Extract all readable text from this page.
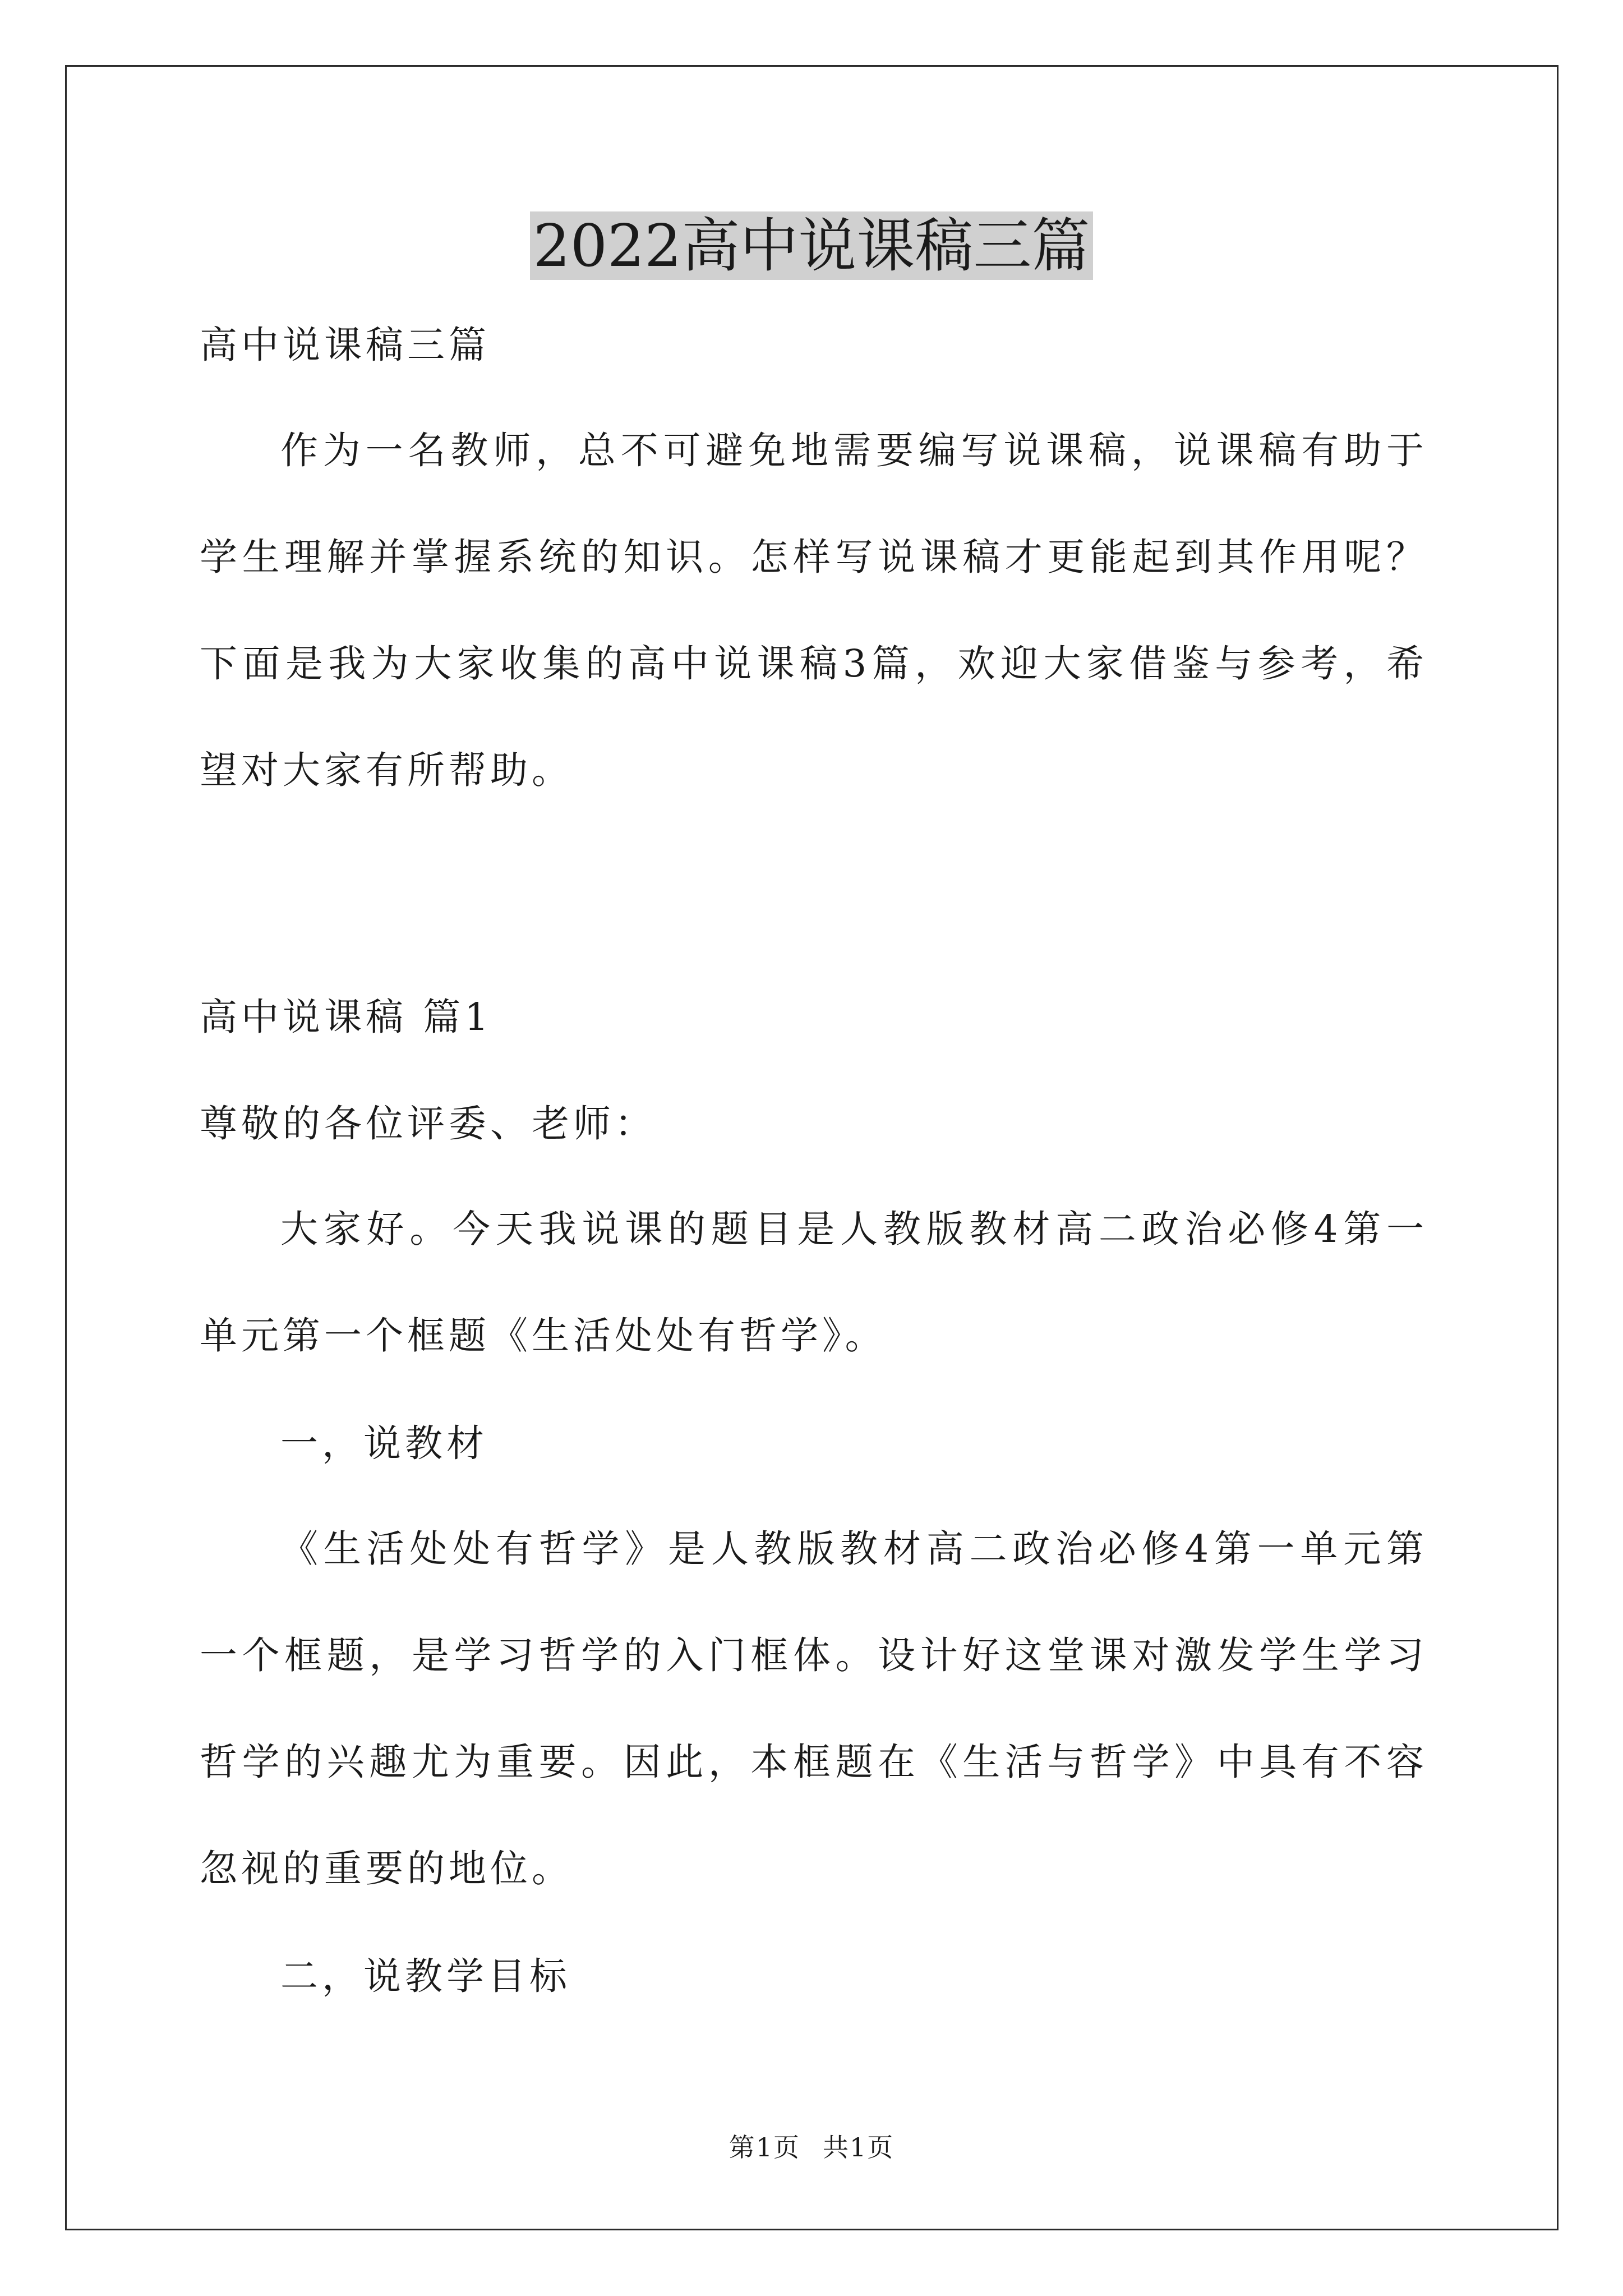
2022高中说课稿三篇

高中说课稿三篇

作为一名教师，总不可避免地需要编写说课稿，说课稿有助于学生理解并掌握系统的知识。怎样写说课稿才更能起到其作用呢？下面是我为大家收集的高中说课稿3篇，欢迎大家借鉴与参考，希望对大家有所帮助。

高中说课稿 篇1

尊敬的各位评委、老师：

大家好。今天我说课的题目是人教版教材高二政治必修4第一单元第一个框题《生活处处有哲学》。

一，说教材

《生活处处有哲学》是人教版教材高二政治必修4第一单元第一个框题，是学习哲学的入门框体。设计好这堂课对激发学生学习哲学的兴趣尤为重要。因此，本框题在《生活与哲学》中具有不容忽视的重要的地位。

二，说教学目标

第1页 共1页
